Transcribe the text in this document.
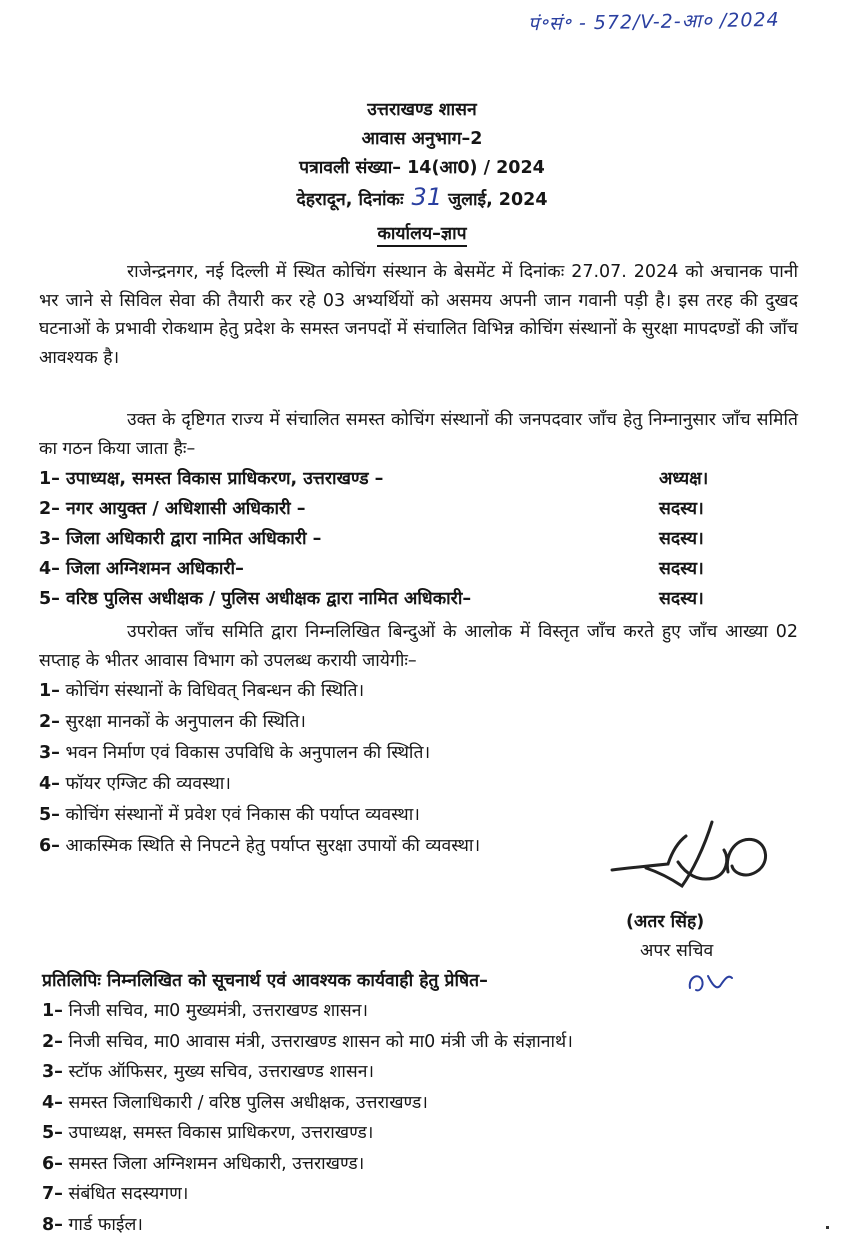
पं॰सं॰ - 572/V-2-आ० /2024
उत्तराखण्ड शासन
आवास अनुभाग–2
पत्रावली संख्या– 14(आ0) / 2024
देहरादून, दिनांकः 31 जुलाई, 2024
कार्यालय–ज्ञाप

राजेन्द्रनगर, नई दिल्ली में स्थित कोचिंग संस्थान के बेसमेंट में दिनांकः 27.07. 2024 को अचानक पानी भर जाने से सिविल सेवा की तैयारी कर रहे 03 अभ्यर्थियों को असमय अपनी जान गवानी पड़ी है। इस तरह की दुखद घटनाओं के प्रभावी रोकथाम हेतु प्रदेश के समस्त जनपदों में संचालित विभिन्न कोचिंग संस्थानों के सुरक्षा मापदण्डों की जाँच आवश्यक है।

उक्त के दृष्टिगत राज्य में संचालित समस्त कोचिंग संस्थानों की जनपदवार जाँच हेतु निम्नानुसार जाँच समिति का गठन किया जाता हैः–

1– उपाध्यक्ष, समस्त विकास प्राधिकरण, उत्तराखण्ड –	अध्यक्ष।
2– नगर आयुक्त / अधिशासी अधिकारी –	सदस्य।
3– जिला अधिकारी द्वारा नामित अधिकारी –	सदस्य।
4– जिला अग्निशमन अधिकारी–	सदस्य।
5– वरिष्ठ पुलिस अधीक्षक / पुलिस अधीक्षक द्वारा नामित अधिकारी–	सदस्य।

उपरोक्त जाँच समिति द्वारा निम्नलिखित बिन्दुओं के आलोक में विस्तृत जाँच करते हुए जाँच आख्या 02 सप्ताह के भीतर आवास विभाग को उपलब्ध करायी जायेगीः–

1– कोचिंग संस्थानों के विधिवत् निबन्धन की स्थिति।
2– सुरक्षा मानकों के अनुपालन की स्थिति।
3– भवन निर्माण एवं विकास उपविधि के अनुपालन की स्थिति।
4– फॉयर एग्जिट की व्यवस्था।
5– कोचिंग संस्थानों में प्रवेश एवं निकास की पर्याप्त व्यवस्था।
6– आकस्मिक स्थिति से निपटने हेतु पर्याप्त सुरक्षा उपायों की व्यवस्था।
(अतर सिंह)
अपर सचिव
प्रतिलिपिः निम्नलिखित को सूचनार्थ एवं आवश्यक कार्यवाही हेतु प्रेषित–
1– निजी सचिव, मा0 मुख्यमंत्री, उत्तराखण्ड शासन।
2– निजी सचिव, मा0 आवास मंत्री, उत्तराखण्ड शासन को मा0 मंत्री जी के संज्ञानार्थ।
3– स्टॉफ ऑफिसर, मुख्य सचिव, उत्तराखण्ड शासन।
4– समस्त जिलाधिकारी / वरिष्ठ पुलिस अधीक्षक, उत्तराखण्ड।
5– उपाध्यक्ष, समस्त विकास प्राधिकरण, उत्तराखण्ड।
6– समस्त जिला अग्निशमन अधिकारी, उत्तराखण्ड।
7– संबंधित सदस्यगण।
8– गार्ड फाईल।
